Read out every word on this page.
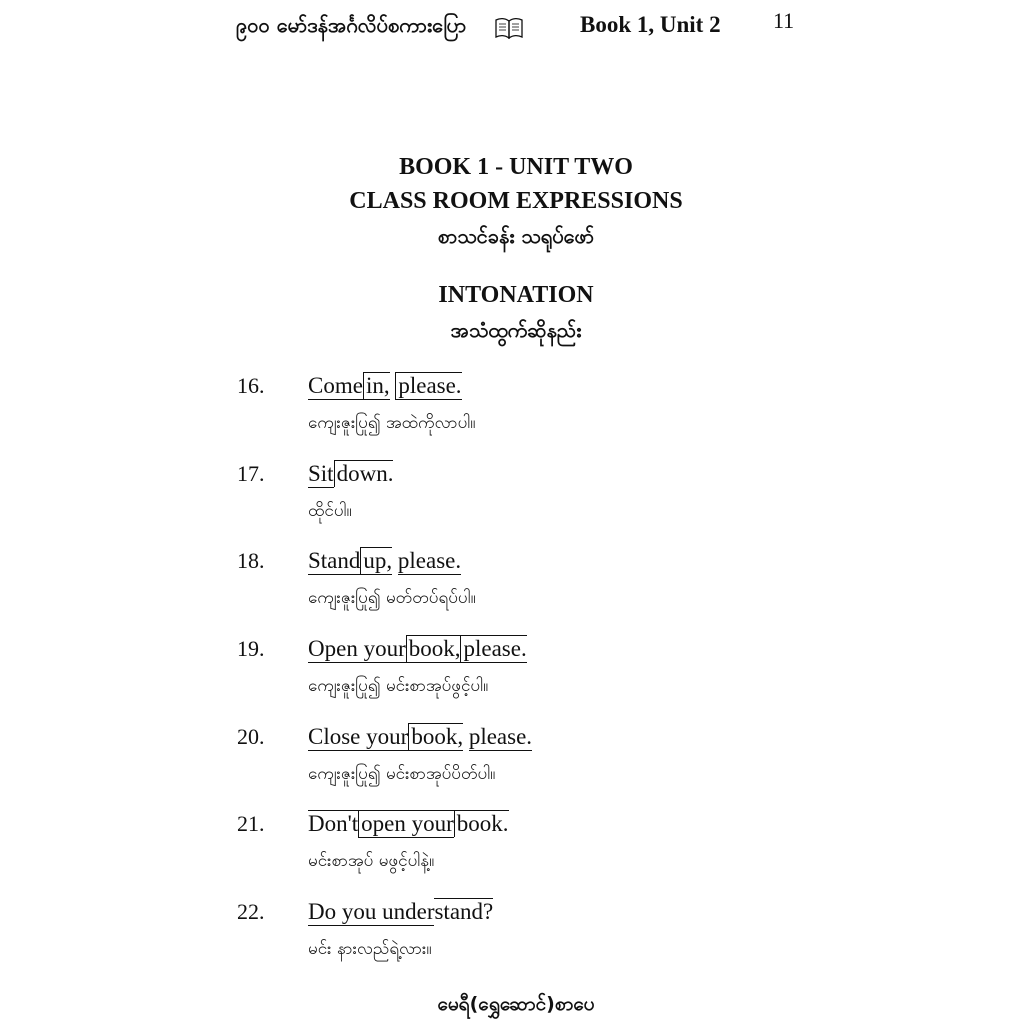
၉၀၀ မော်ဒန်အင်္ဂလိပ်စကားပြော	Book 1, Unit 2 11
BOOK 1 - UNIT TWO
CLASS ROOM EXPRESSIONS
စာသင်ခန်း သရုပ်ဖော်
INTONATION
အသံထွက်ဆိုနည်း
16. Come in, please.
ကျေးဇူးပြု၍ အထဲကိုလာပါ။
17. Sit down.
ထိုင်ပါ။
18. Stand up, please.
ကျေးဇူးပြု၍ မတ်တပ်ရပ်ပါ။
19. Open your book, please.
ကျေးဇူးပြု၍ မင်းစာအုပ်ဖွင့်ပါ။
20. Close your book, please.
ကျေးဇူးပြု၍ မင်းစာအုပ်ပိတ်ပါ။
21. Don't open your book.
မင်းစာအုပ် မဖွင့်ပါနဲ့။
22. Do you understand?
မင်း နားလည်ရဲ့လား။
မေရီ(ရွှေဆောင်)စာပေ
